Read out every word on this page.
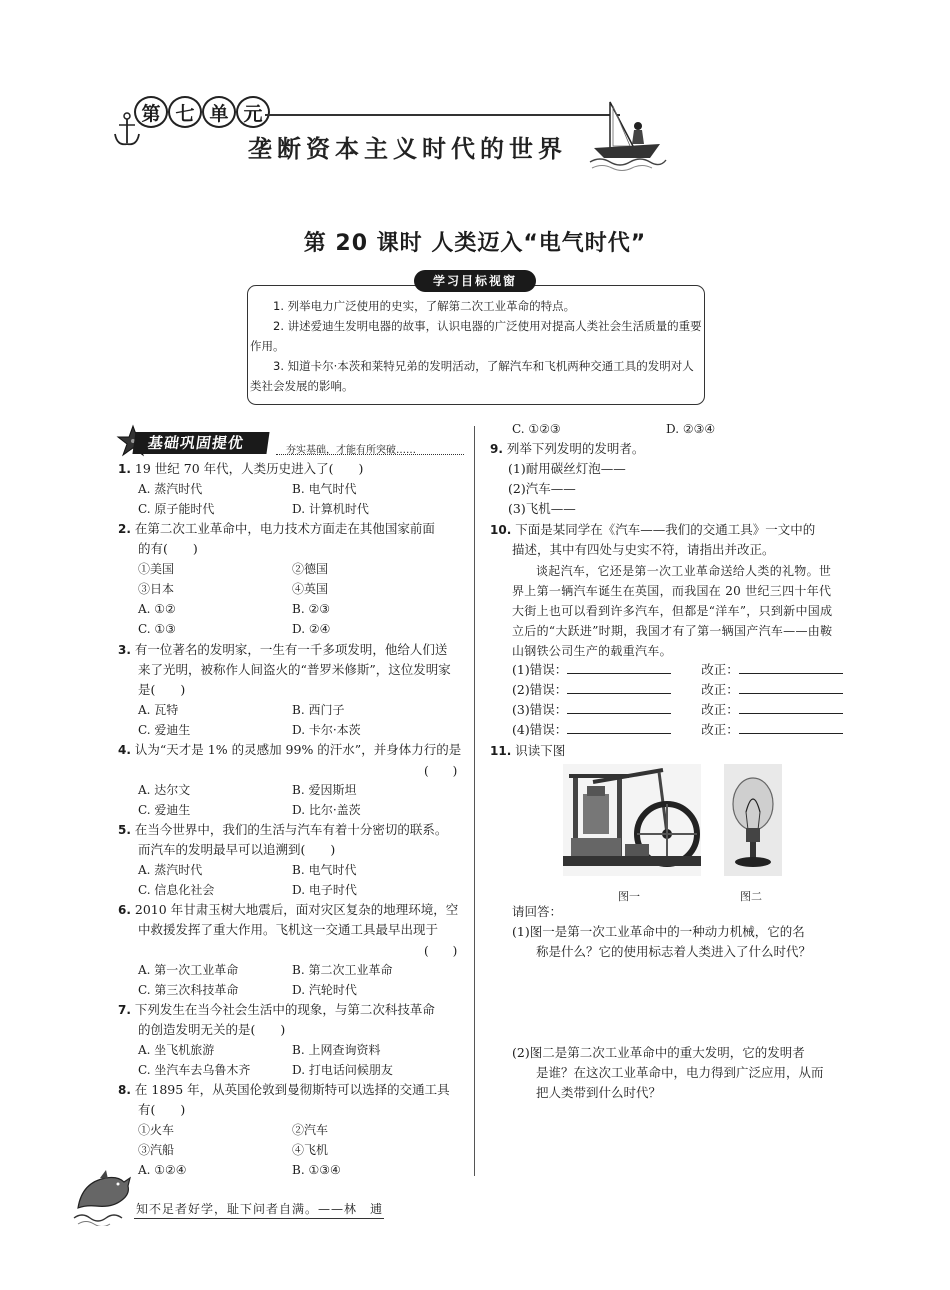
第 七 单 元
垄断资本主义时代的世界
第 20 课时 人类迈入“电气时代”
学习目标视窗

1. 列举电力广泛使用的史实，了解第二次工业革命的特点。

2. 讲述爱迪生发明电器的故事，认识电器的广泛使用对提高人类社会生活质量的重要作用。

3. 知道卡尔·本茨和莱特兄弟的发明活动，了解汽车和飞机两种交通工具的发明对人类社会发展的影响。

基础巩固提优	夯实基础，才能有所突破……
1. 19 世纪 70 年代，人类历史进入了(　　)
A. 蒸汽时代	B. 电气时代
C. 原子能时代	D. 计算机时代
2. 在第二次工业革命中，电力技术方面走在其他国家前面
的有(　　)
①美国	②德国
③日本	④英国
A. ①②	B. ②③
C. ①③	D. ②④
3. 有一位著名的发明家，一生有一千多项发明，他给人们送
来了光明，被称作人间盗火的“普罗米修斯”，这位发明家
是(　　)
A. 瓦特	B. 西门子
C. 爱迪生	D. 卡尔·本茨
4. 认为“天才是 1% 的灵感加 99% 的汗水”，并身体力行的是
(　　)
A. 达尔文	B. 爱因斯坦
C. 爱迪生	D. 比尔·盖茨
5. 在当今世界中，我们的生活与汽车有着十分密切的联系。
而汽车的发明最早可以追溯到(　　)
A. 蒸汽时代	B. 电气时代
C. 信息化社会	D. 电子时代
6. 2010 年甘肃玉树大地震后，面对灾区复杂的地理环境，空
中救援发挥了重大作用。飞机这一交通工具最早出现于
(　　)
A. 第一次工业革命	B. 第二次工业革命
C. 第三次科技革命	D. 汽轮时代
7. 下列发生在当今社会生活中的现象，与第二次科技革命
的创造发明无关的是(　　)
A. 坐飞机旅游	B. 上网查询资料
C. 坐汽车去乌鲁木齐	D. 打电话问候朋友
8. 在 1895 年，从英国伦敦到曼彻斯特可以选择的交通工具
有(　　)
①火车	②汽车
③汽船	④飞机
A. ①②④	B. ①③④
C. ①②③	D. ②③④
9. 列举下列发明的发明者。
(1)耐用碳丝灯泡——
(2)汽车——
(3)飞机——
10. 下面是某同学在《汽车——我们的交通工具》一文中的
描述，其中有四处与史实不符，请指出并改正。

谈起汽车，它还是第一次工业革命送给人类的礼物。世界上第一辆汽车诞生在英国，而我国在 20 世纪三四十年代大街上也可以看到许多汽车，但都是“洋车”，只到新中国成立后的“大跃进”时期，我国才有了第一辆国产汽车——由鞍山钢铁公司生产的载重汽车。

(1)错误：	改正：
(2)错误：	改正：
(3)错误：	改正：
(4)错误：	改正：
11. 识读下图
图一	图二
请回答：
(1)图一是第一次工业革命中的一种动力机械，它的名
称是什么？它的使用标志着人类进入了什么时代？
(2)图二是第二次工业革命中的重大发明，它的发明者
是谁？在这次工业革命中，电力得到广泛应用，从而
把人类带到什么时代？
知不足者好学，耻下问者自满。——林　逋
